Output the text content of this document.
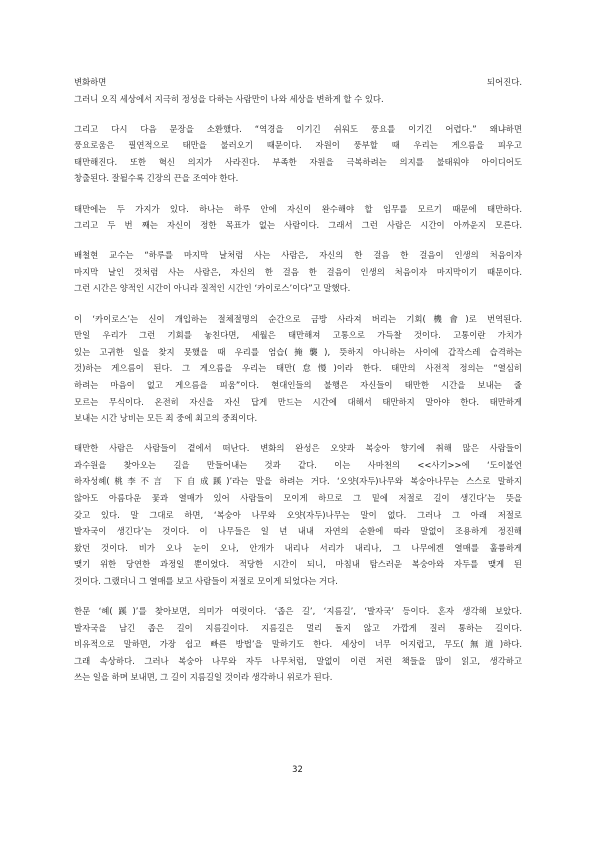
변화하면 되어진다.
그러니 오직 세상에서 지극히 정성을 다하는 사람만이 나와 세상을 변하게 할 수 있다.
그리고 다시 다음 문장을 소환했다. “역경을 이기긴 쉬워도 풍요를 이기긴 어렵다.” 왜냐하면
풍요로움은 필연적으로 태만을 불러오기 때문이다. 자원이 풍부할 때 우리는 게으름을 피우고
태만해진다. 또한 혁신 의지가 사라진다. 부족한 자원을 극복하려는 의지를 불태워야 아이디어도
창출된다. 잘될수록 긴장의 끈을 조여야 한다.
태만에는 두 가지가 있다. 하나는 하루 안에 자신이 완수해야 할 임무를 모르기 때문에 태만하다.
그리고 두 번 째는 자신이 정한 목표가 없는 사람이다. 그래서 그런 사람은 시간이 아까운지 모른다.
배철현 교수는 “하루를 마지막 날처럼 사는 사람은, 자신의 한 걸음 한 걸음이 인생의 처음이자
마지막 날인 것처럼 사는 사람은, 자신의 한 걸음 한 걸음이 인생의 처음이자 마지막이기 때문이다.
그런 시간은 양적인 시간이 아니라 질적인 시간인 ‘카이로스’이다”고 말했다.
이 ‘카이로스’는 신이 개입하는 절체절명의 순간으로 금방 사라져 버리는 기회(機會)로 번역된다.
만일 우리가 그런 기회를 놓친다면, 세월은 태만해져 고통으로 가득찰 것이다. 고통이란 가치가
있는 고귀한 일을 찾지 못했을 때 우리를 엄습(掩襲), 뜻하지 아니하는 사이에 갑작스레 습격하는
것)하는 게으름이 된다. 그 게으름을 우리는 태만(怠慢)이라 한다. 태만의 사전적 정의는 “열심히
하려는 마음이 없고 게으름을 피움”이다. 현대인들의 불행은 자신들이 태만한 시간을 보내는 줄
모르는 무식이다. 온전히 자신을 자신 답게 만드는 시간에 대해서 태만하지 말아야 한다. 태만하게
보내는 시간 낭비는 모든 죄 중에 최고의 중죄이다.
태만한 사람은 사람들이 곁에서 떠난다. 변화의 완성은 오얏과 복숭아 향기에 취해 많은 사람들이
과수원을 찾아오는 길을 만들어내는 것과 같다. 이는 사마천의 <<사기>>에 ‘도이불언
하자성혜(桃李不言 下自成蹊)’라는 말을 하려는 거다. ‘오얏(자두)나무와 복숭아나무는 스스로 말하지
않아도 아름다운 꽃과 열매가 있어 사람들이 모이게 하므로 그 밑에 저절로 길이 생긴다’는 뜻을
갖고 있다. 말 그대로 하면, ‘복숭아 나무와 오얏(자두)나무는 말이 없다. 그러나 그 아래 저절로
발자국이 생긴다’는 것이다. 이 나무들은 일 년 내내 자연의 순환에 따라 말없이 조용하게 정진해
왔던 것이다. 비가 오나 눈이 오나, 안개가 내리나 서리가 내리나, 그 나무에겐 열매를 훌륭하게
맺기 위한 당연한 과정일 뿐이었다. 적당한 시간이 되니, 마침내 탐스러운 복숭아와 자두를 맺게 된
것이다. 그랬더니 그 열매를 보고 사람들이 저절로 모이게 되었다는 거다.
한문 ‘혜(蹊)’를 찾아보면, 의미가 여럿이다. ‘좁은 길’, ‘지름길’, ‘발자국’ 등이다. 혼자 생각해 보았다.
발자국을 남긴 좁은 길이 지름길이다. 지름길은 멀리 돌지 않고 가깝게 질러 통하는 길이다.
비유적으로 말하면, 가장 쉽고 빠른 방법’을 말하기도 한다. 세상이 너무 어지럽고, 무도(無道)하다.
그래 속상하다. 그러나 복숭아 나무와 자두 나무처럼, 말없이 이런 저런 책들을 많이 읽고, 생각하고
쓰는 일을 하며 보내면, 그 길이 지름길일 것이라 생각하니 위로가 된다.
32
